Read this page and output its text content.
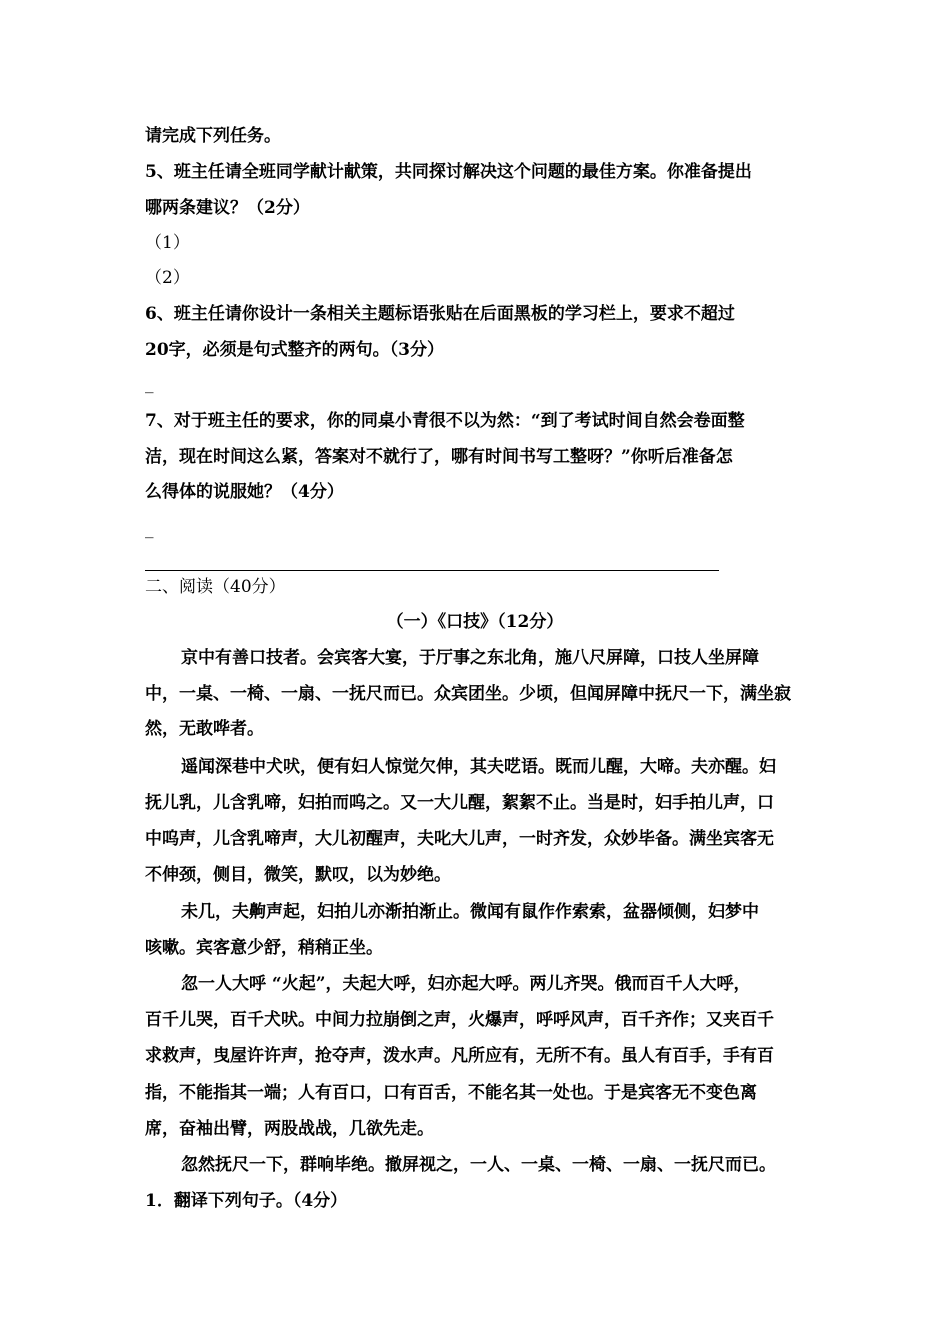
请完成下列任务。
5、班主任请全班同学献计献策，共同探讨解决这个问题的最佳方案。你准备提出
哪两条建议？（2分）
（1）
（2）
6、班主任请你设计一条相关主题标语张贴在后面黑板的学习栏上，要求不超过
20字，必须是句式整齐的两句。（3分）
_
7、对于班主任的要求，你的同桌小青很不以为然：“到了考试时间自然会卷面整
洁，现在时间这么紧，答案对不就行了，哪有时间书写工整呀？”你听后准备怎
么得体的说服她？（4分）
_
二、阅读（40分）
（一）《口技》（12分）
京中有善口技者。会宾客大宴，于厅事之东北角，施八尺屏障，口技人坐屏障
中，一桌、一椅、一扇、一抚尺而已。众宾团坐。少顷，但闻屏障中抚尺一下，满坐寂
然，无敢哗者。
遥闻深巷中犬吠，便有妇人惊觉欠伸，其夫呓语。既而儿醒，大啼。夫亦醒。妇
抚儿乳，儿含乳啼，妇拍而呜之。又一大儿醒，絮絮不止。当是时，妇手拍儿声，口
中呜声，儿含乳啼声，大儿初醒声，夫叱大儿声，一时齐发，众妙毕备。满坐宾客无
不伸颈，侧目，微笑，默叹，以为妙绝。
未几，夫齁声起，妇拍儿亦渐拍渐止。微闻有鼠作作索索，盆器倾侧，妇梦中
咳嗽。宾客意少舒，稍稍正坐。
忽一人大呼 “火起”，夫起大呼，妇亦起大呼。两儿齐哭。俄而百千人大呼，
百千儿哭，百千犬吠。中间力拉崩倒之声，火爆声，呼呼风声，百千齐作；又夹百千
求救声，曳屋许许声，抢夺声，泼水声。凡所应有，无所不有。虽人有百手，手有百
指，不能指其一端；人有百口，口有百舌，不能名其一处也。于是宾客无不变色离
席，奋袖出臂，两股战战，几欲先走。
忽然抚尺一下，群响毕绝。撤屏视之，一人、一桌、一椅、一扇、一抚尺而已。
1．翻译下列句子。（4分）
